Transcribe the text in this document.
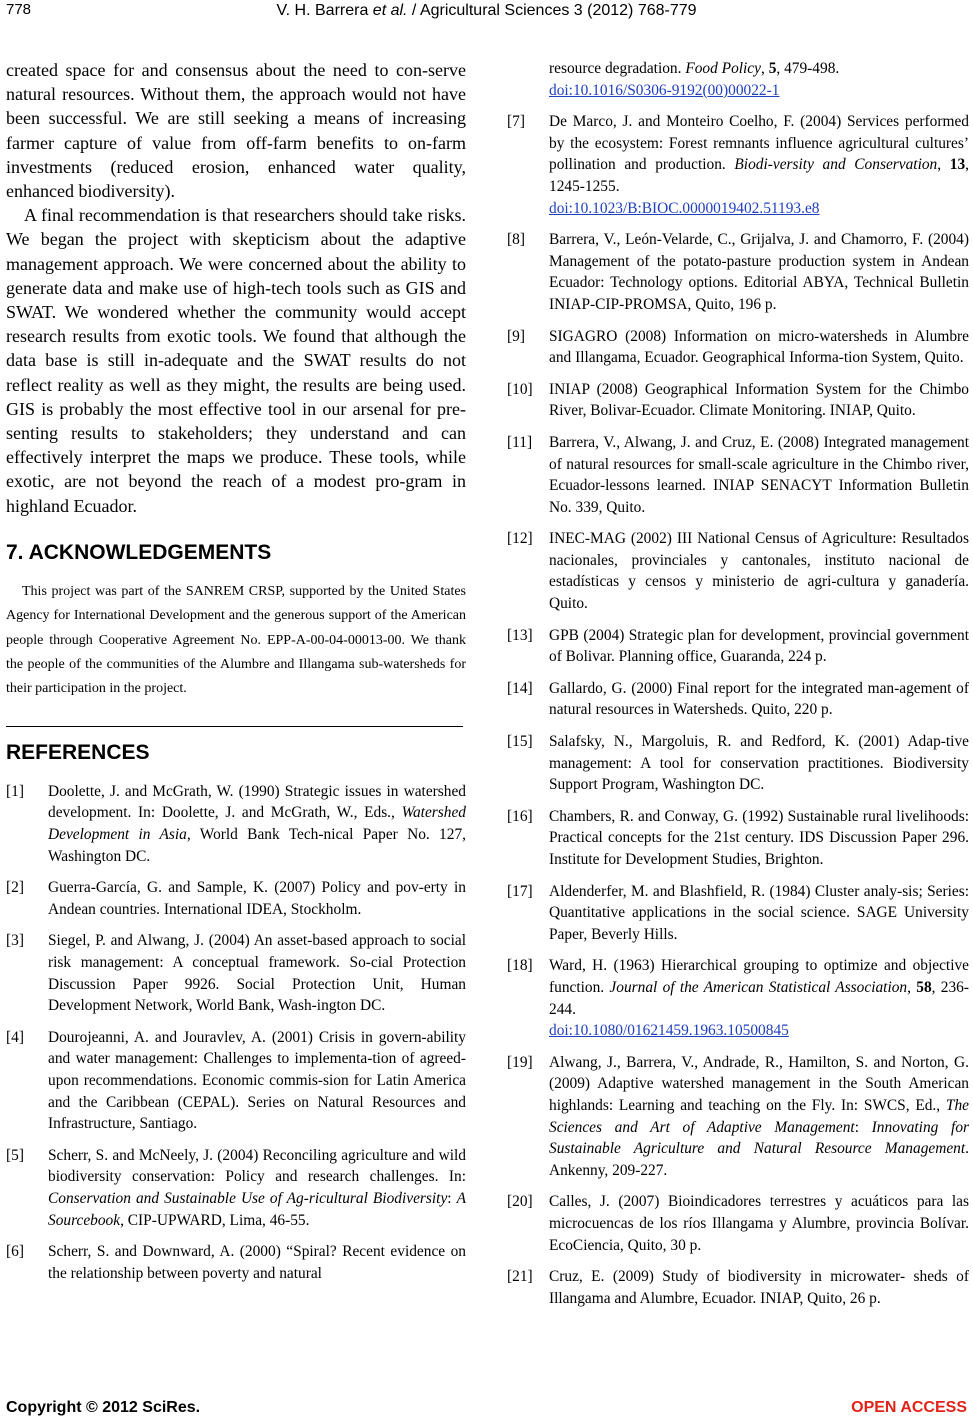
778	V. H. Barrera et al. / Agricultural Sciences 3 (2012) 768-779

created space for and consensus about the need to con-serve natural resources. Without them, the approach would not have been successful. We are still seeking a means of increasing farmer capture of value from off-farm benefits to on-farm investments (reduced erosion, enhanced water quality, enhanced biodiversity).

A final recommendation is that researchers should take risks. We began the project with skepticism about the adaptive management approach. We were concerned about the ability to generate data and make use of high-tech tools such as GIS and SWAT. We wondered whether the community would accept research results from exotic tools. We found that although the data base is still in-adequate and the SWAT results do not reflect reality as well as they might, the results are being used. GIS is probably the most effective tool in our arsenal for pre-senting results to stakeholders; they understand and can effectively interpret the maps we produce. These tools, while exotic, are not beyond the reach of a modest pro-gram in highland Ecuador.

7. ACKNOWLEDGEMENTS

This project was part of the SANREM CRSP, supported by the United States Agency for International Development and the generous support of the American people through Cooperative Agreement No. EPP-A-00-04-00013-00. We thank the people of the communities of the Alumbre and Illangama sub-watersheds for their participation in the project.

REFERENCES
[1] Doolette, J. and McGrath, W. (1990) Strategic issues in watershed development. In: Doolette, J. and McGrath, W., Eds., Watershed Development in Asia, World Bank Tech-nical Paper No. 127, Washington DC.
[2] Guerra-García, G. and Sample, K. (2007) Policy and pov-erty in Andean countries. International IDEA, Stockholm.
[3] Siegel, P. and Alwang, J. (2004) An asset-based approach to social risk management: A conceptual framework. So-cial Protection Discussion Paper 9926. Social Protection Unit, Human Development Network, World Bank, Wash-ington DC.
[4] Dourojeanni, A. and Jouravlev, A. (2001) Crisis in govern-ability and water management: Challenges to implementa-tion of agreed-upon recommendations. Economic commis-sion for Latin America and the Caribbean (CEPAL). Series on Natural Resources and Infrastructure, Santiago.
[5] Scherr, S. and McNeely, J. (2004) Reconciling agriculture and wild biodiversity conservation: Policy and research challenges. In: Conservation and Sustainable Use of Ag-ricultural Biodiversity: A Sourcebook, CIP-UPWARD, Lima, 46-55.
[6] Scherr, S. and Downward, A. (2000) “Spiral? Recent evidence on the relationship between poverty and natural
resource degradation. Food Policy, 5, 479-498.
doi:10.1016/S0306-9192(00)00022-1
[7] De Marco, J. and Monteiro Coelho, F. (2004) Services performed by the ecosystem: Forest remnants influence agricultural cultures’ pollination and production. Biodi-versity and Conservation, 13, 1245-1255.
doi:10.1023/B:BIOC.0000019402.51193.e8
[8] Barrera, V., León-Velarde, C., Grijalva, J. and Chamorro, F. (2004) Management of the potato-pasture production system in Andean Ecuador: Technology options. Editorial ABYA, Technical Bulletin INIAP-CIP-PROMSA, Quito, 196 p.
[9] SIGAGRO (2008) Information on micro-watersheds in Alumbre and Illangama, Ecuador. Geographical Informa-tion System, Quito.
[10] INIAP (2008) Geographical Information System for the Chimbo River, Bolivar-Ecuador. Climate Monitoring. INIAP, Quito.
[11] Barrera, V., Alwang, J. and Cruz, E. (2008) Integrated management of natural resources for small-scale agriculture in the Chimbo river, Ecuador-lessons learned. INIAP SENACYT Information Bulletin No. 339, Quito.
[12] INEC-MAG (2002) III National Census of Agriculture: Resultados nacionales, provinciales y cantonales, instituto nacional de estadísticas y censos y ministerio de agri-cultura y ganadería. Quito.
[13] GPB (2004) Strategic plan for development, provincial government of Bolivar. Planning office, Guaranda, 224 p.
[14] Gallardo, G. (2000) Final report for the integrated man-agement of natural resources in Watersheds. Quito, 220 p.
[15] Salafsky, N., Margoluis, R. and Redford, K. (2001) Adap-tive management: A tool for conservation practitiones. Biodiversity Support Program, Washington DC.
[16] Chambers, R. and Conway, G. (1992) Sustainable rural livelihoods: Practical concepts for the 21st century. IDS Discussion Paper 296. Institute for Development Studies, Brighton.
[17] Aldenderfer, M. and Blashfield, R. (1984) Cluster analy-sis; Series: Quantitative applications in the social science. SAGE University Paper, Beverly Hills.
[18] Ward, H. (1963) Hierarchical grouping to optimize and objective function. Journal of the American Statistical Association, 58, 236-244.
doi:10.1080/01621459.1963.10500845
[19] Alwang, J., Barrera, V., Andrade, R., Hamilton, S. and Norton, G. (2009) Adaptive watershed management in the South American highlands: Learning and teaching on the Fly. In: SWCS, Ed., The Sciences and Art of Adaptive Management: Innovating for Sustainable Agriculture and Natural Resource Management. Ankenny, 209-227.
[20] Calles, J. (2007) Bioindicadores terrestres y acuáticos para las microcuencas de los ríos Illangama y Alumbre, provincia Bolívar. EcoCiencia, Quito, 30 p.
[21] Cruz, E. (2009) Study of biodiversity in microwater- sheds of Illangama and Alumbre, Ecuador. INIAP, Quito, 26 p.
Copyright © 2012 SciRes.	OPEN ACCESS
